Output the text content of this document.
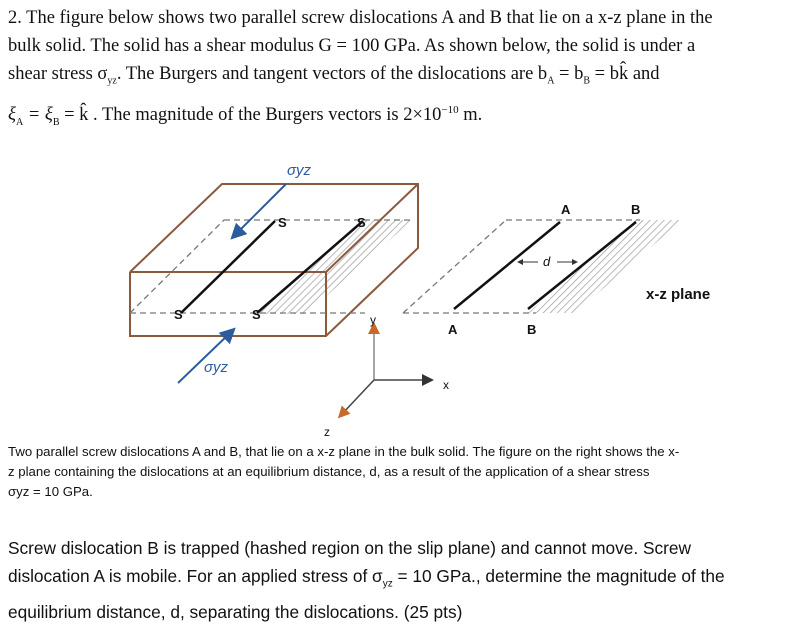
2. The figure below shows two parallel screw dislocations A and B that lie on a x-z plane in the
bulk solid. The solid has a shear modulus G = 100 GPa. As shown below, the solid is under a
shear stress $\sigma_{yz}$. The Burgers and tangent vectors of the dislocations are $b_A = b_B$ = bk̂ and
$\xi_A = \xi_B$ = k̂ . The magnitude of the Burgers vectors is $2\times 10^{-10}$ m.
S	S
S	S
σyz
σyz
y
x
z
A	B
A	B
d
x-z plane
Two parallel screw dislocations A and B, that lie on a x-z plane in the bulk solid. The figure on the right shows the x-
z plane containing the dislocations at an equilibrium distance, d, as a result of the application of a shear stress
σyz = 10 GPa.
Screw dislocation B is trapped (hashed region on the slip plane) and cannot move. Screw
dislocation A is mobile. For an applied stress of $\sigma_{yz} = 10$ GPa., determine the magnitude of the
equilibrium distance, d, separating the dislocations. (25 pts)
